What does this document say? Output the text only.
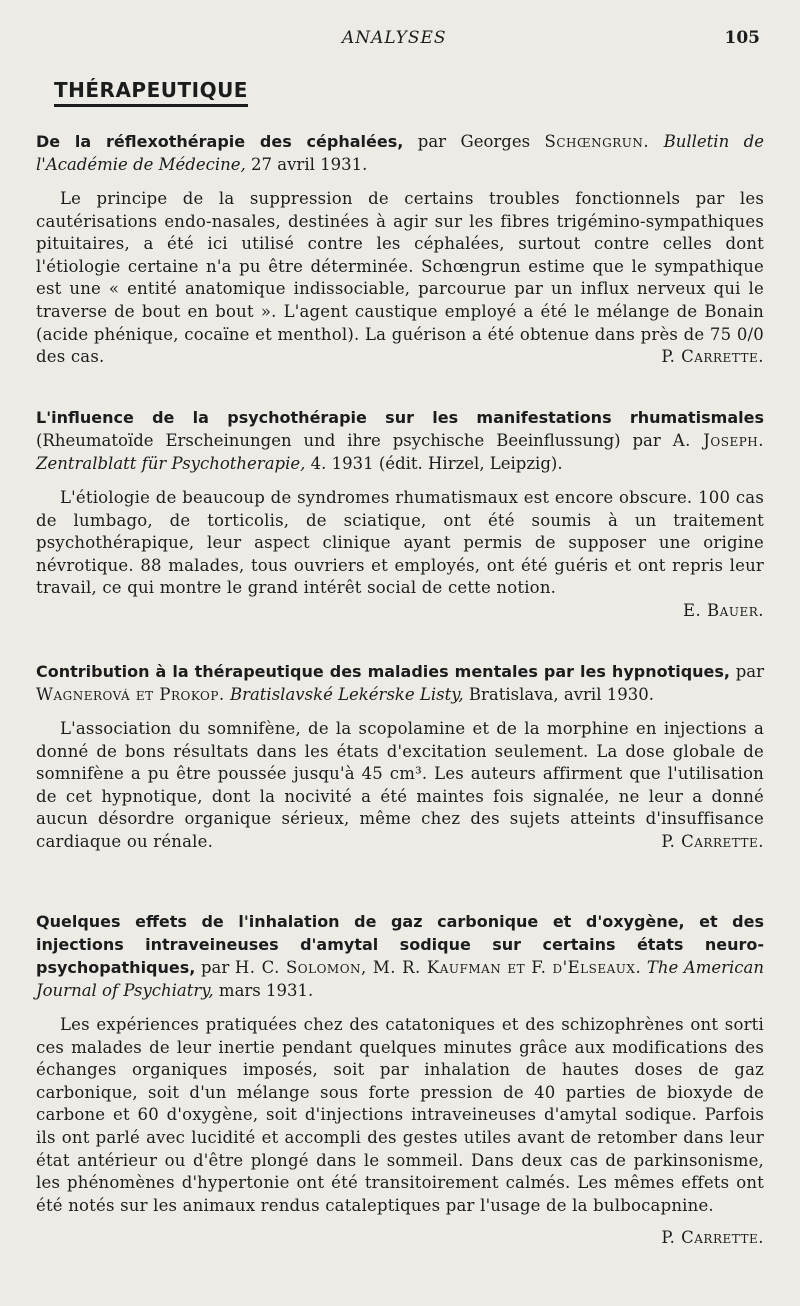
ANALYSES	105
THÉRAPEUTIQUE

De la réflexothérapie des céphalées, par Georges Schœngrun. Bulletin de l'Académie de Médecine, 27 avril 1931.

Le principe de la suppression de certains troubles fonctionnels par les cautérisations endo-nasales, destinées à agir sur les fibres trigémino-sympathiques pituitaires, a été ici utilisé contre les céphalées, surtout contre celles dont l'étiologie certaine n'a pu être déterminée. Schœngrun estime que le sympathique est une « entité anatomique indissociable, parcourue par un influx nerveux qui le traverse de bout en bout ». L'agent caustique employé a été le mélange de Bonain (acide phénique, cocaïne et menthol). La guérison a été obtenue dans près de 75 0/0 des cas.	P. Carrette.

L'influence de la psychothérapie sur les manifestations rhumatismales (Rheumatoïde Erscheinungen und ihre psychische Beeinflussung) par A. Joseph. Zentralblatt für Psychotherapie, 4. 1931 (édit. Hirzel, Leipzig).

L'étiologie de beaucoup de syndromes rhumatismaux est encore obscure. 100 cas de lumbago, de torticolis, de sciatique, ont été soumis à un traitement psychothérapique, leur aspect clinique ayant permis de supposer une origine névrotique. 88 malades, tous ouvriers et employés, ont été guéris et ont repris leur travail, ce qui montre le grand intérêt social de cette notion.

E. Bauer.

Contribution à la thérapeutique des maladies mentales par les hypnotiques, par Wagnerová et Prokop. Bratislavské Lekérske Listy, Bratislava, avril 1930.

L'association du somnifène, de la scopolamine et de la morphine en injections a donné de bons résultats dans les états d'excitation seulement. La dose globale de somnifène a pu être poussée jusqu'à 45 cm³. Les auteurs affirment que l'utilisation de cet hypnotique, dont la nocivité a été maintes fois signalée, ne leur a donné aucun désordre organique sérieux, même chez des sujets atteints d'insuffisance cardiaque ou rénale.	P. Carrette.

Quelques effets de l'inhalation de gaz carbonique et d'oxygène, et des injections intraveineuses d'amytal sodique sur certains états neuro-psychopathiques, par H. C. Solomon, M. R. Kaufman et F. d'Elseaux. The American Journal of Psychiatry, mars 1931.

Les expériences pratiquées chez des catatoniques et des schizophrènes ont sorti ces malades de leur inertie pendant quelques minutes grâce aux modifications des échanges organiques imposés, soit par inhalation de hautes doses de gaz carbonique, soit d'un mélange sous forte pression de 40 parties de bioxyde de carbone et 60 d'oxygène, soit d'injections intraveineuses d'amytal sodique. Parfois ils ont parlé avec lucidité et accompli des gestes utiles avant de retomber dans leur état antérieur ou d'être plongé dans le sommeil. Dans deux cas de parkinsonisme, les phénomènes d'hypertonie ont été transitoirement calmés. Les mêmes effets ont été notés sur les animaux rendus cataleptiques par l'usage de la bulbocapnine.

P. Carrette.
